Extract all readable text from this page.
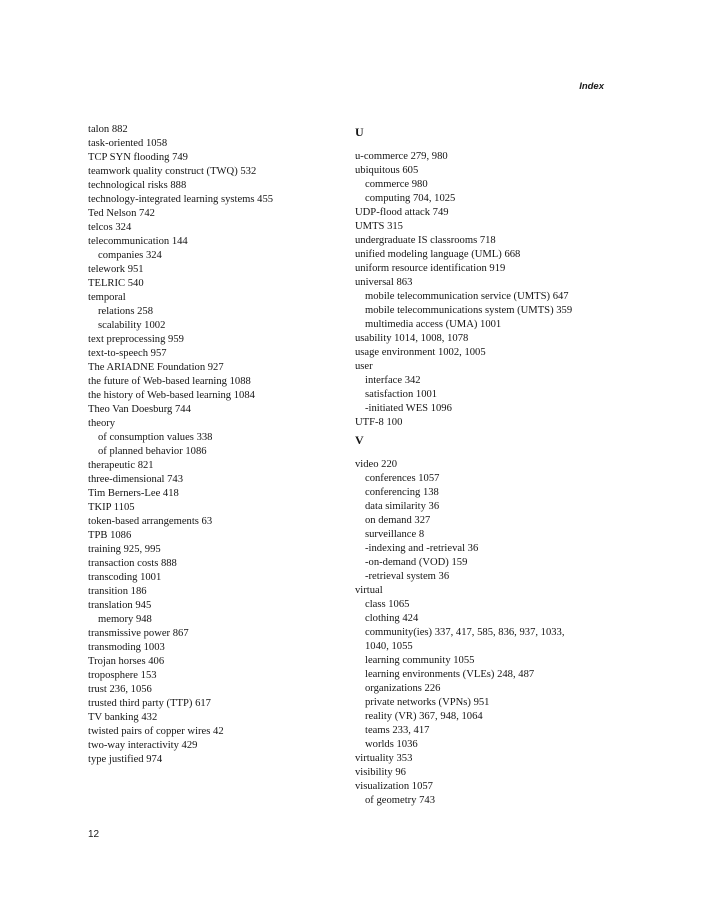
Index
talon 882
task-oriented 1058
TCP SYN flooding 749
teamwork quality construct (TWQ) 532
technological risks 888
technology-integrated learning systems 455
Ted Nelson 742
telcos 324
telecommunication 144
companies 324
telework 951
TELRIC 540
temporal
relations 258
scalability 1002
text preprocessing 959
text-to-speech 957
The ARIADNE Foundation 927
the future of Web-based learning 1088
the history of Web-based learning 1084
Theo Van Doesburg 744
theory
of consumption values 338
of planned behavior 1086
therapeutic 821
three-dimensional 743
Tim Berners-Lee 418
TKIP 1105
token-based arrangements 63
TPB 1086
training 925, 995
transaction costs 888
transcoding 1001
transition 186
translation 945
memory 948
transmissive power 867
transmoding 1003
Trojan horses 406
troposphere 153
trust 236, 1056
trusted third party (TTP) 617
TV banking 432
twisted pairs of copper wires 42
two-way interactivity 429
type justified 974
U
u-commerce 279, 980
ubiquitous 605
commerce 980
computing 704, 1025
UDP-flood attack 749
UMTS 315
undergraduate IS classrooms 718
unified modeling language (UML) 668
uniform resource identification 919
universal 863
mobile telecommunication service (UMTS) 647
mobile telecommunications system (UMTS) 359
multimedia access (UMA) 1001
usability 1014, 1008, 1078
usage environment 1002, 1005
user
interface 342
satisfaction 1001
-initiated WES 1096
UTF-8 100
V
video 220
conferences 1057
conferencing 138
data similarity 36
on demand 327
surveillance 8
-indexing and -retrieval 36
-on-demand (VOD) 159
-retrieval system 36
virtual
class 1065
clothing 424
community(ies) 337, 417, 585, 836, 937, 1033,
1040, 1055
learning community 1055
learning environments (VLEs) 248, 487
organizations 226
private networks (VPNs) 951
reality (VR) 367, 948, 1064
teams 233, 417
worlds 1036
virtuality 353
visibility 96
visualization 1057
of geometry 743
12
